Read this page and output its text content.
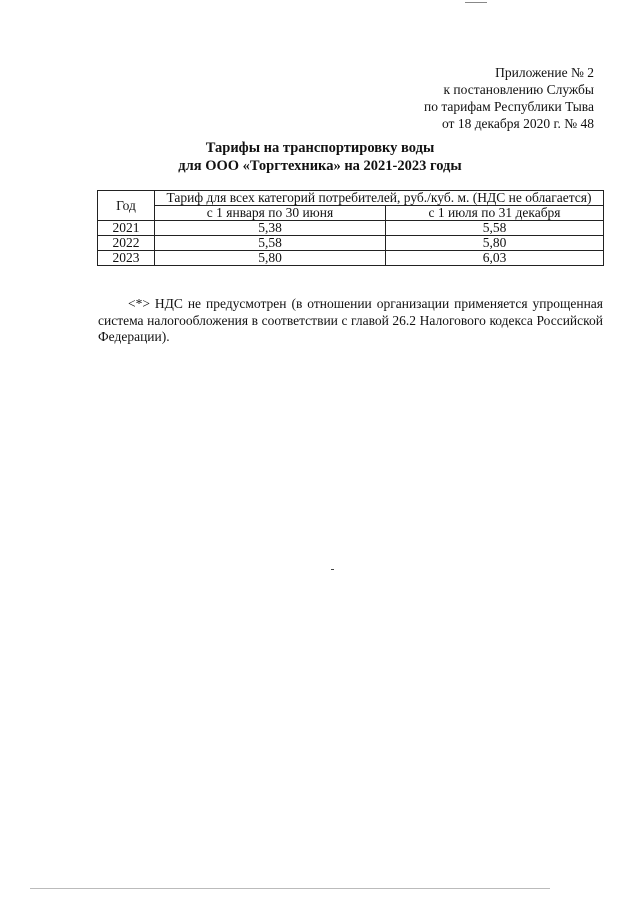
Приложение № 2
к постановлению Службы
по тарифам Республики Тыва
от 18 декабря 2020 г. № 48
Тарифы на транспортировку воды
для ООО «Торгтехника» на 2021-2023 годы
Год	Тариф для всех категорий потребителей, руб./куб. м. (НДС не облагается)	
	с 1 января по 30 июня	с 1 июля по 31 декабря
2021	5,38	5,58
2022	5,58	5,80
2023	5,80	6,03

<*> НДС не предусмотрен (в отношении организации применяется упрощенная система налогообложения в соответствии с главой 26.2 Налогового кодекса Российской Федерации).
